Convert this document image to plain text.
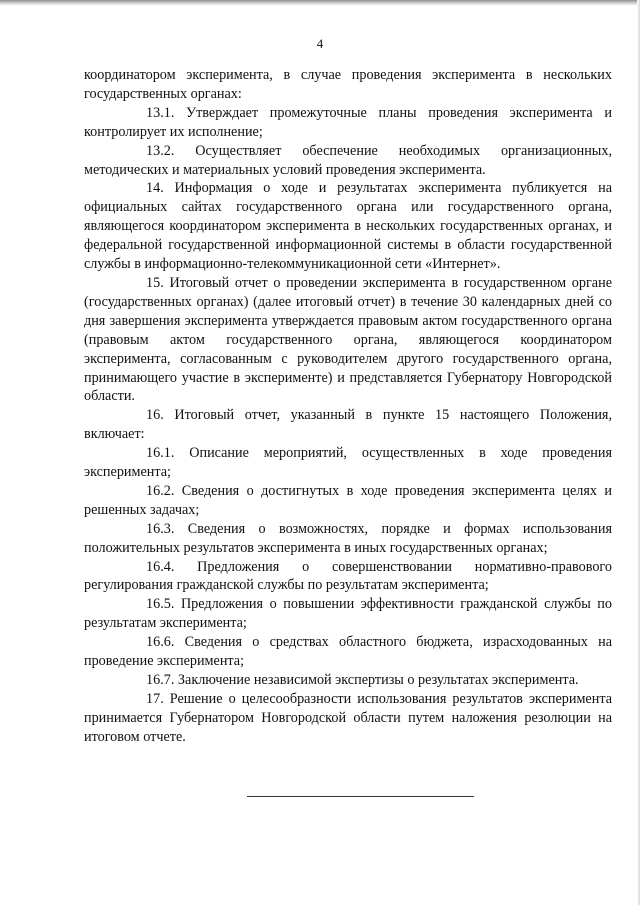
4

координатором эксперимента, в случае проведения эксперимента в нескольких государственных органах:

13.1. Утверждает промежуточные планы проведения эксперимента и контролирует их исполнение;

13.2. Осуществляет обеспечение необходимых организационных, методических и материальных условий проведения эксперимента.

14. Информация о ходе и результатах эксперимента публикуется на официальных сайтах государственного органа или государственного органа, являющегося координатором эксперимента в нескольких государственных органах, и федеральной государственной информационной системы в области государственной службы в информационно-телекоммуникационной сети «Интернет».

15. Итоговый отчет о проведении эксперимента в государственном органе (государственных органах) (далее итоговый отчет) в течение 30 календарных дней со дня завершения эксперимента утверждается правовым актом государственного органа (правовым актом государственного органа, являющегося координатором эксперимента, согласованным с руководителем другого государственного органа, принимающего участие в эксперименте) и представляется Губернатору Новгородской области.

16. Итоговый отчет, указанный в пункте 15 настоящего Положения, включает:

16.1. Описание мероприятий, осуществленных в ходе проведения эксперимента;

16.2. Сведения о достигнутых в ходе проведения эксперимента целях и решенных задачах;

16.3. Сведения о возможностях, порядке и формах использования положительных результатов эксперимента в иных государственных органах;

16.4. Предложения о совершенствовании нормативно-правового регулирования гражданской службы по результатам эксперимента;

16.5. Предложения о повышении эффективности гражданской службы по результатам эксперимента;

16.6. Сведения о средствах областного бюджета, израсходованных на проведение эксперимента;

16.7. Заключение независимой экспертизы о результатах эксперимента.

17. Решение о целесообразности использования результатов эксперимента принимается Губернатором Новгородской области путем наложения резолюции на итоговом отчете.
